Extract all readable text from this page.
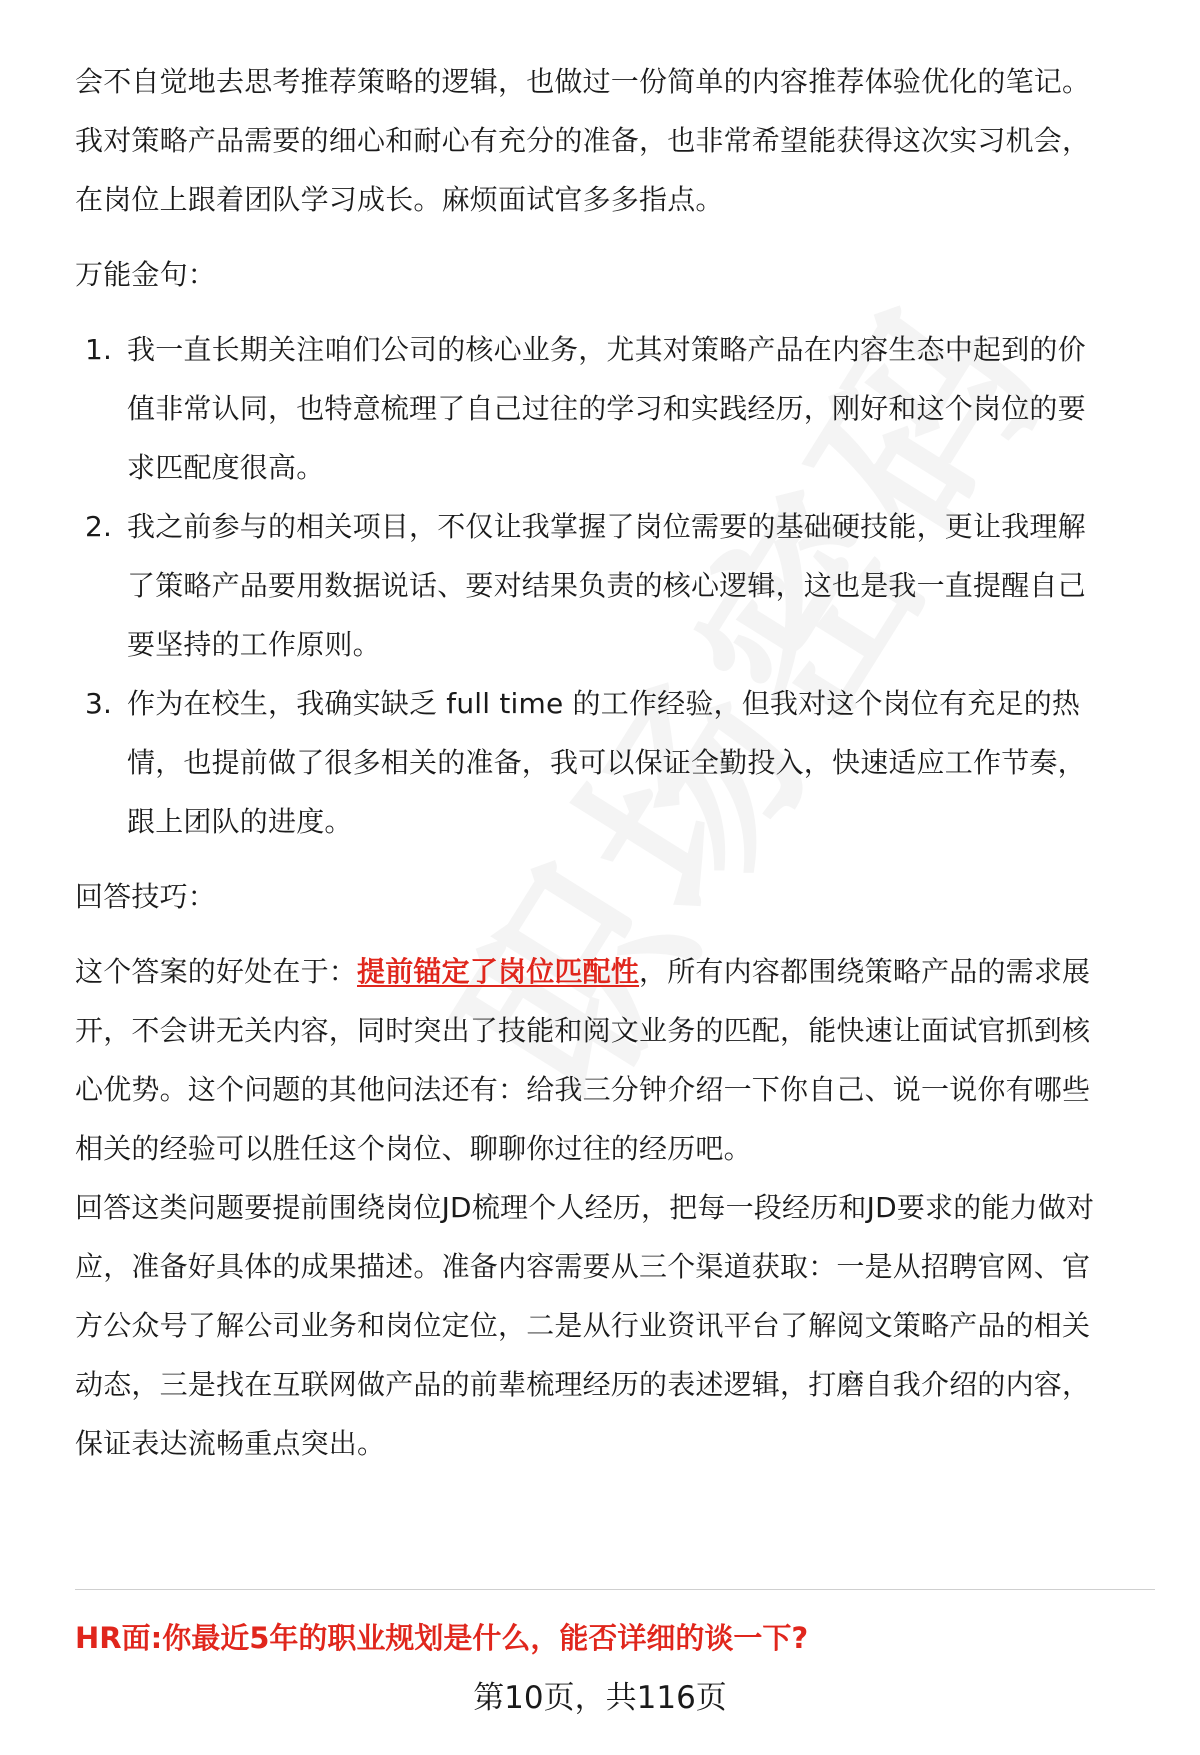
会不自觉地去思考推荐策略的逻辑，也做过一份简单的内容推荐体验优化的笔记。

我对策略产品需要的细心和耐心有充分的准备，也非常希望能获得这次实习机会，

在岗位上跟着团队学习成长。麻烦面试官多多指点。

万能金句：

1. 我一直长期关注咱们公司的核心业务，尤其对策略产品在内容生态中起到的价
值非常认同，也特意梳理了自己过往的学习和实践经历，刚好和这个岗位的要
求匹配度很高。
2. 我之前参与的相关项目，不仅让我掌握了岗位需要的基础硬技能，更让我理解
了策略产品要用数据说话、要对结果负责的核心逻辑，这也是我一直提醒自己
要坚持的工作原则。
3. 作为在校生，我确实缺乏 full time 的工作经验，但我对这个岗位有充足的热
情，也提前做了很多相关的准备，我可以保证全勤投入，快速适应工作节奏，
跟上团队的进度。

回答技巧：

这个答案的好处在于：提前锚定了岗位匹配性，所有内容都围绕策略产品的需求展

开，不会讲无关内容，同时突出了技能和阅文业务的匹配，能快速让面试官抓到核

心优势。这个问题的其他问法还有：给我三分钟介绍一下你自己、说一说你有哪些

相关的经验可以胜任这个岗位、聊聊你过往的经历吧。

回答这类问题要提前围绕岗位JD梳理个人经历，把每一段经历和JD要求的能力做对

应，准备好具体的成果描述。准备内容需要从三个渠道获取：一是从招聘官网、官

方公众号了解公司业务和岗位定位，二是从行业资讯平台了解阅文策略产品的相关

动态，三是找在互联网做产品的前辈梳理经历的表述逻辑，打磨自我介绍的内容，

保证表达流畅重点突出。

HR面:你最近5年的职业规划是什么，能否详细的谈一下?
第10页，共116页
